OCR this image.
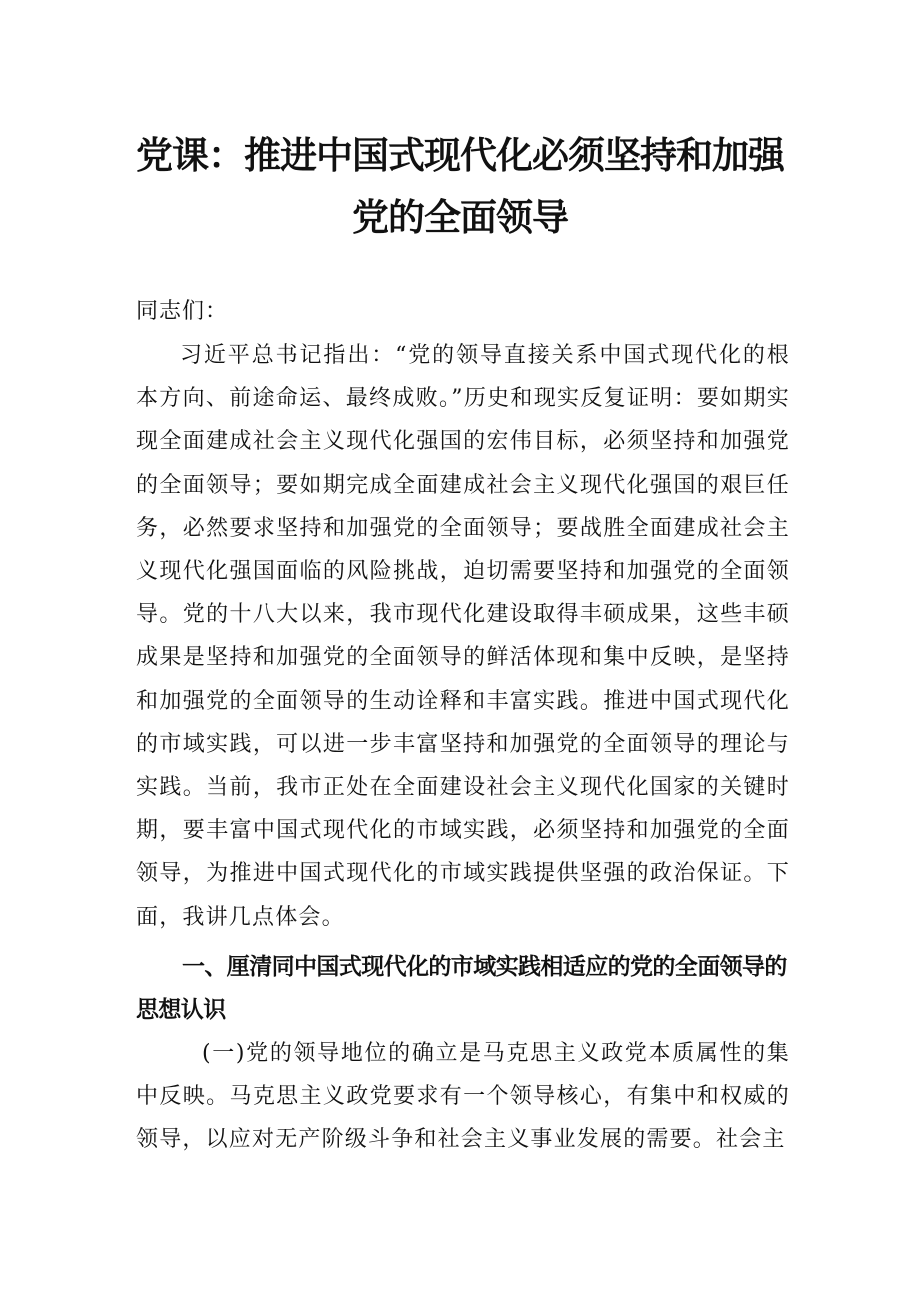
党课：推进中国式现代化必须坚持和加强
党的全面领导

同志们：

习近平总书记指出：“党的领导直接关系中国式现代化的根本方向、前途命运、最终成败。”历史和现实反复证明：要如期实现全面建成社会主义现代化强国的宏伟目标，必须坚持和加强党的全面领导；要如期完成全面建成社会主义现代化强国的艰巨任务，必然要求坚持和加强党的全面领导；要战胜全面建成社会主义现代化强国面临的风险挑战，迫切需要坚持和加强党的全面领导。党的十八大以来，我市现代化建设取得丰硕成果，这些丰硕成果是坚持和加强党的全面领导的鲜活体现和集中反映，是坚持和加强党的全面领导的生动诠释和丰富实践。推进中国式现代化的市域实践，可以进一步丰富坚持和加强党的全面领导的理论与实践。当前，我市正处在全面建设社会主义现代化国家的关键时期，要丰富中国式现代化的市域实践，必须坚持和加强党的全面领导，为推进中国式现代化的市域实践提供坚强的政治保证。下面，我讲几点体会。

一、厘清同中国式现代化的市域实践相适应的党的全面领导的思想认识

(一)党的领导地位的确立是马克思主义政党本质属性的集中反映。马克思主义政党要求有一个领导核心，有集中和权威的领导，以应对无产阶级斗争和社会主义事业发展的需要。社会主
